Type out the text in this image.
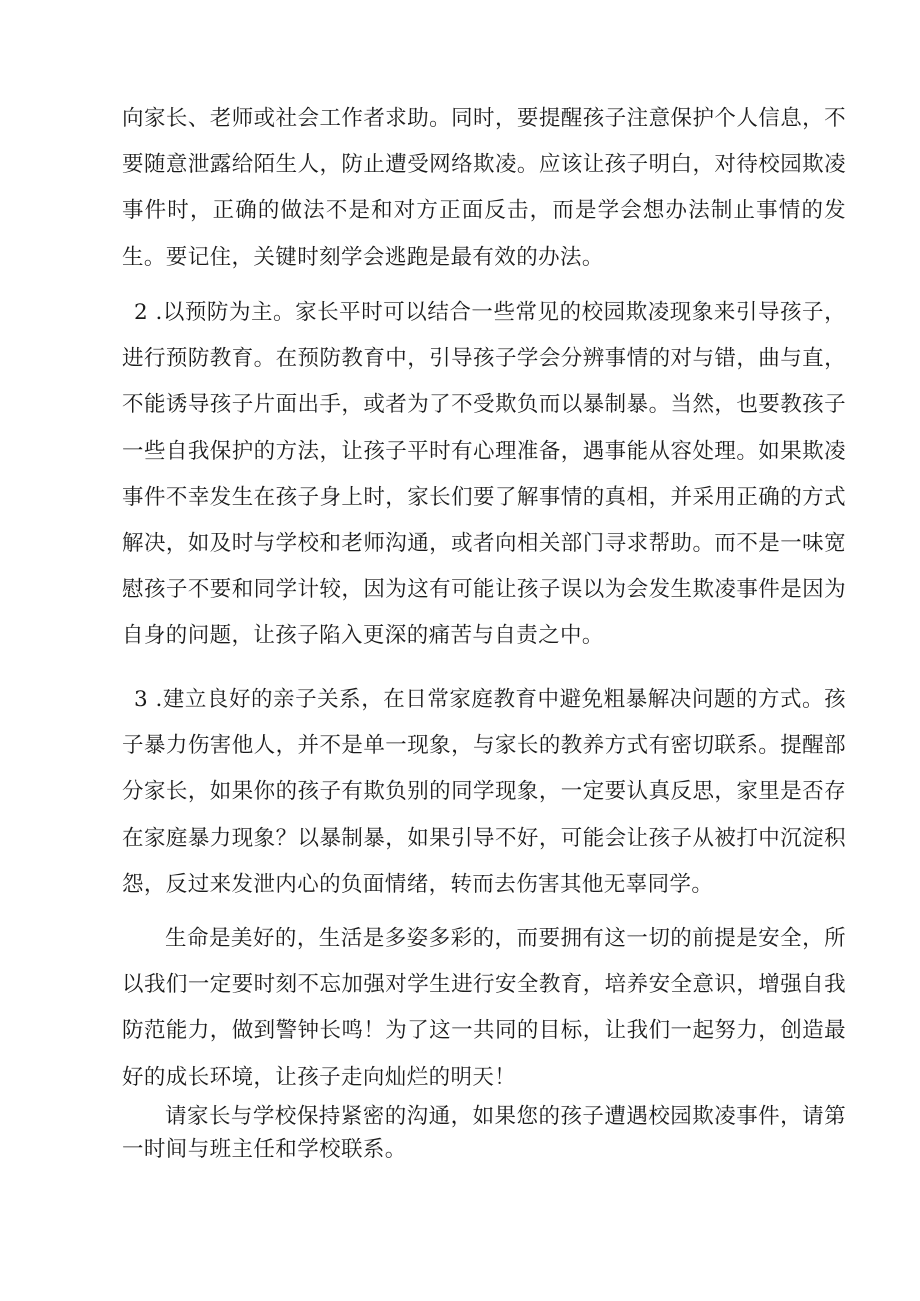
向家长、老师或社会工作者求助。同时，要提醒孩子注意保护个人信息，不要随意泄露给陌生人，防止遭受网络欺凌。应该让孩子明白，对待校园欺凌事件时，正确的做法不是和对方正面反击，而是学会想办法制止事情的发生。要记住，关键时刻学会逃跑是最有效的办法。

2 .以预防为主。家长平时可以结合一些常见的校园欺凌现象来引导孩子，进行预防教育。在预防教育中，引导孩子学会分辨事情的对与错，曲与直，不能诱导孩子片面出手，或者为了不受欺负而以暴制暴。当然，也要教孩子一些自我保护的方法，让孩子平时有心理准备，遇事能从容处理。如果欺凌事件不幸发生在孩子身上时，家长们要了解事情的真相，并采用正确的方式解决，如及时与学校和老师沟通，或者向相关部门寻求帮助。而不是一味宽慰孩子不要和同学计较，因为这有可能让孩子误以为会发生欺凌事件是因为自身的问题，让孩子陷入更深的痛苦与自责之中。

3 .建立良好的亲子关系，在日常家庭教育中避免粗暴解决问题的方式。孩子暴力伤害他人，并不是单一现象，与家长的教养方式有密切联系。提醒部分家长，如果你的孩子有欺负别的同学现象，一定要认真反思，家里是否存在家庭暴力现象？以暴制暴，如果引导不好，可能会让孩子从被打中沉淀积怨，反过来发泄内心的负面情绪，转而去伤害其他无辜同学。

生命是美好的，生活是多姿多彩的，而要拥有这一切的前提是安全，所以我们一定要时刻不忘加强对学生进行安全教育，培养安全意识，增强自我防范能力，做到警钟长鸣！为了这一共同的目标，让我们一起努力，创造最好的成长环境，让孩子走向灿烂的明天！

请家长与学校保持紧密的沟通，如果您的孩子遭遇校园欺凌事件，请第一时间与班主任和学校联系。
